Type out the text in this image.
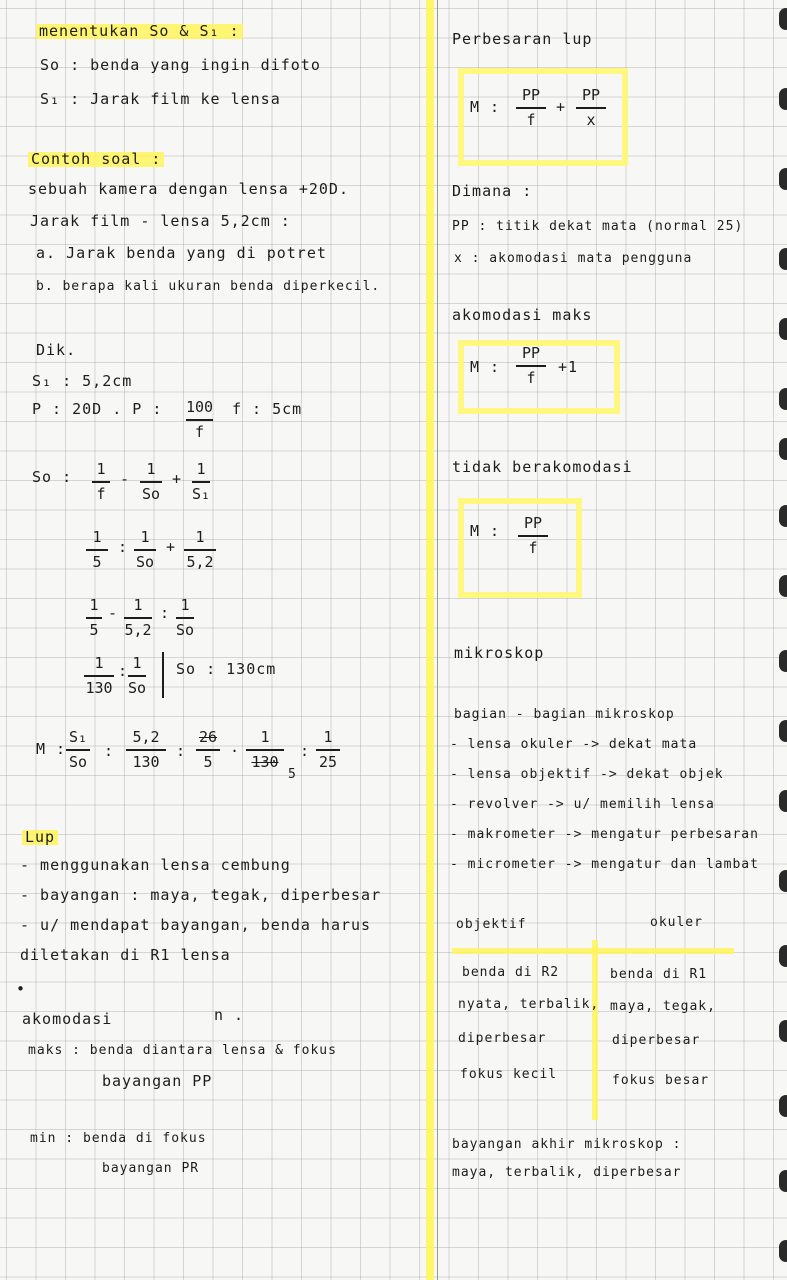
menentukan So & S₁ :
So : benda yang ingin difoto
S₁ : Jarak film ke lensa
Contoh soal :
sebuah kamera dengan lensa +20D.
Jarak film - lensa 5,2cm :
a. Jarak benda yang di potret
b. berapa kali ukuran benda diperkecil.
Dik.
S₁ : 5,2cm
P : 20D . P : 100
f
f : 5cm
So : 1
f
-
1
So
+
1
S₁
1
5
:
1
So
+
1
5,2
1
5
- 1
5,2
: 1
So
1
130
: 1
So
So : 130cm
M :
S₁
So
:
5,2
130
:
26
5
·
1
130
5
:
1
25
Lup
- menggunakan lensa cembung
- bayangan : maya, tegak, diperbesar
- u/ mendapat bayangan, benda harus
diletakan di R1 lensa
•
akomodasi	n .
maks : benda diantara lensa & fokus
bayangan PP
min : benda di fokus
bayangan PR
Perbesaran lup
M :
PP
f
+
PP
x
Dimana :
PP : titik dekat mata (normal 25)
x : akomodasi mata pengguna
akomodasi maks
M :
PP
f
+1
tidak berakomodasi
M : PP
f
mikroskop
bagian - bagian mikroskop
- lensa okuler -> dekat mata
- lensa objektif -> dekat objek
- revolver -> u/ memilih lensa
- makrometer -> mengatur perbesaran
- micrometer -> mengatur dan lambat
objektif	okuler
benda di R2
nyata, terbalik,
diperbesar
fokus kecil
benda di R1
maya, tegak,
diperbesar
fokus besar
bayangan akhir mikroskop :
maya, terbalik, diperbesar
